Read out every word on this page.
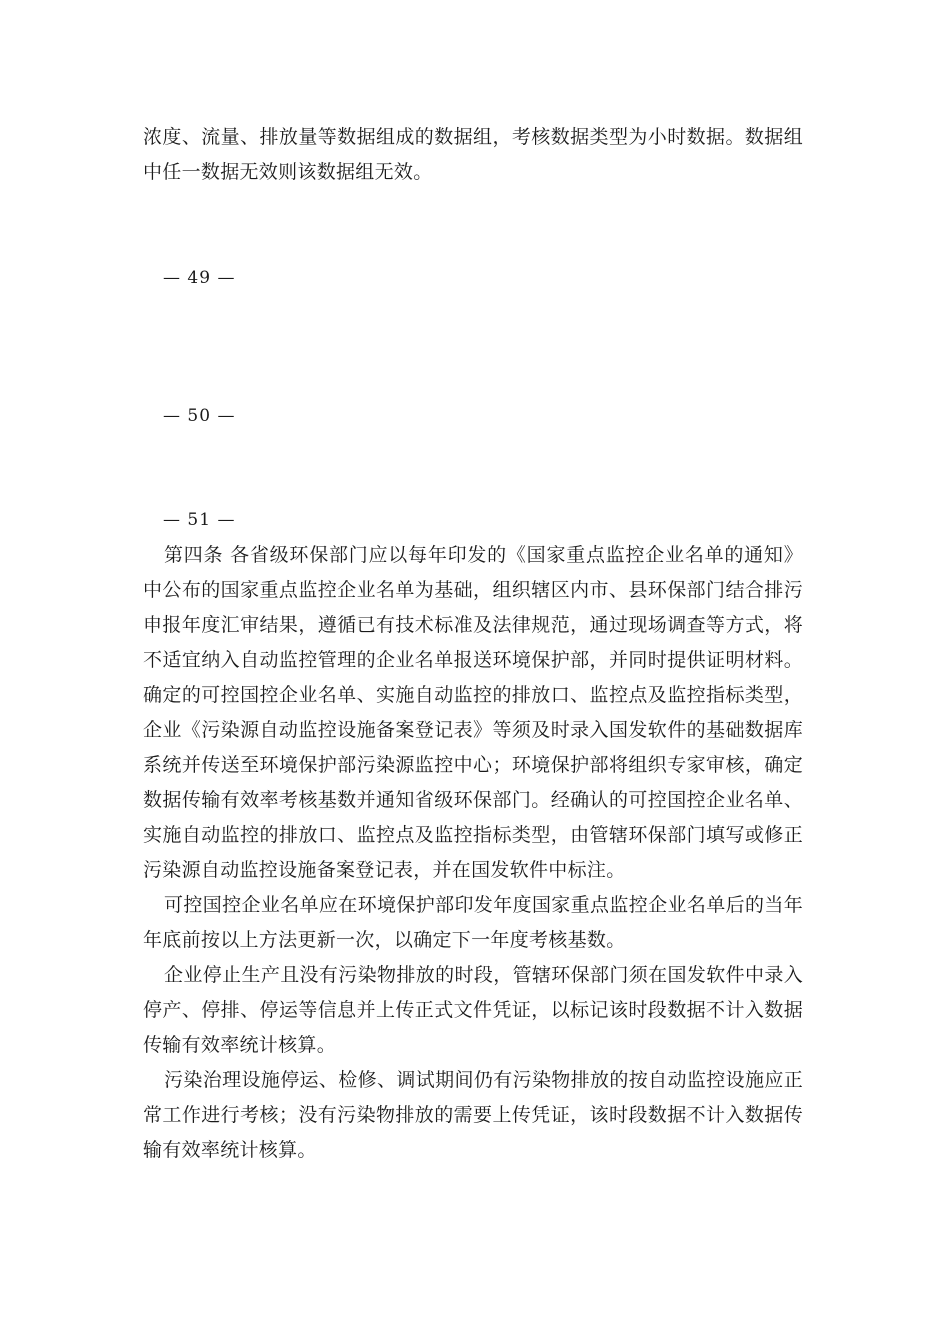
浓度、流量、排放量等数据组成的数据组，考核数据类型为小时数据。数据组中任一数据无效则该数据组无效。

— 49 —
— 50 —
— 51 —

第四条 各省级环保部门应以每年印发的《国家重点监控企业名单的通知》中公布的国家重点监控企业名单为基础，组织辖区内市、县环保部门结合排污申报年度汇审结果，遵循已有技术标准及法律规范，通过现场调查等方式，将不适宜纳入自动监控管理的企业名单报送环境保护部，并同时提供证明材料。确定的可控国控企业名单、实施自动监控的排放口、监控点及监控指标类型，企业《污染源自动监控设施备案登记表》等须及时录入国发软件的基础数据库系统并传送至环境保护部污染源监控中心；环境保护部将组织专家审核，确定数据传输有效率考核基数并通知省级环保部门。经确认的可控国控企业名单、实施自动监控的排放口、监控点及监控指标类型，由管辖环保部门填写或修正污染源自动监控设施备案登记表，并在国发软件中标注。

可控国控企业名单应在环境保护部印发年度国家重点监控企业名单后的当年年底前按以上方法更新一次，以确定下一年度考核基数。

企业停止生产且没有污染物排放的时段，管辖环保部门须在国发软件中录入停产、停排、停运等信息并上传正式文件凭证，以标记该时段数据不计入数据传输有效率统计核算。

污染治理设施停运、检修、调试期间仍有污染物排放的按自动监控设施应正常工作进行考核；没有污染物排放的需要上传凭证，该时段数据不计入数据传输有效率统计核算。
